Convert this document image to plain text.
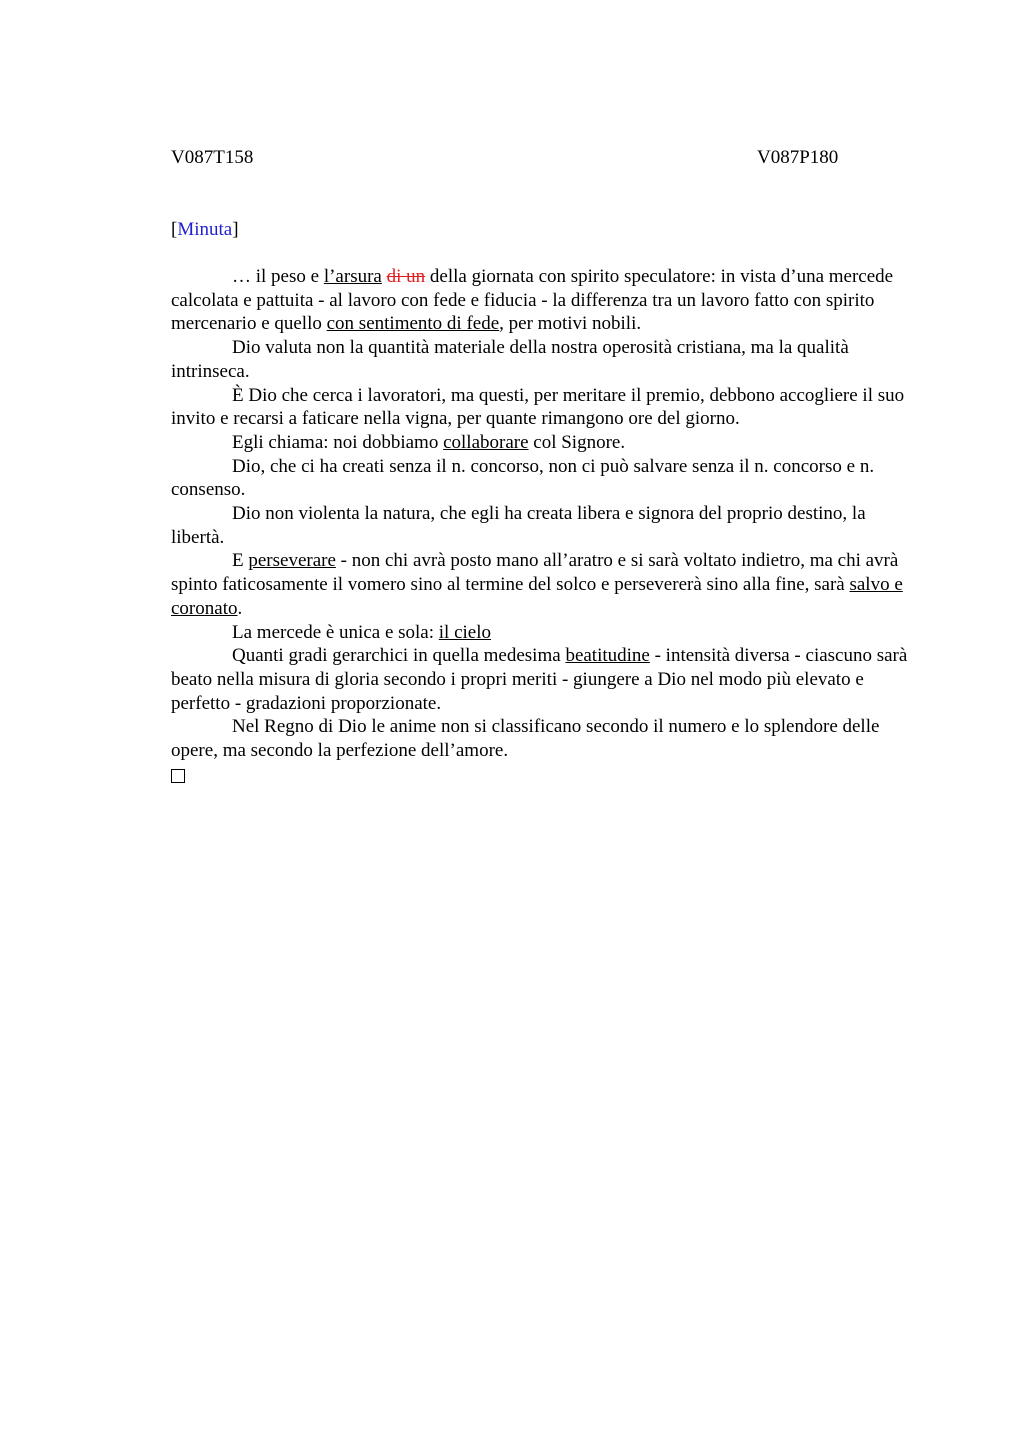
V087T158	V087P180
[Minuta]

… il peso e l’arsura di un della giornata con spirito speculatore: in vista d’una mercede calcolata e pattuita - al lavoro con fede e fiducia - la differenza tra un lavoro fatto con spirito mercenario e quello con sentimento di fede, per motivi nobili.

Dio valuta non la quantità materiale della nostra operosità cristiana, ma la qualità intrinseca.

È Dio che cerca i lavoratori, ma questi, per meritare il premio, debbono accogliere il suo invito e recarsi a faticare nella vigna, per quante rimangono ore del giorno.

Egli chiama: noi dobbiamo collaborare col Signore.

Dio, che ci ha creati senza il n. concorso, non ci può salvare senza il n. concorso e n. consenso.

Dio non violenta la natura, che egli ha creata libera e signora del proprio destino, la libertà.

E perseverare - non chi avrà posto mano all’aratro e si sarà voltato indietro, ma chi avrà spinto faticosamente il vomero sino al termine del solco e persevererà sino alla fine, sarà salvo e coronato.

La mercede è unica e sola: il cielo

Quanti gradi gerarchici in quella medesima beatitudine - intensità diversa - ciascuno sarà beato nella misura di gloria secondo i propri meriti - giungere a Dio nel modo più elevato e perfetto - gradazioni proporzionate.

Nel Regno di Dio le anime non si classificano secondo il numero e lo splendore delle opere, ma secondo la perfezione dell’amore.
